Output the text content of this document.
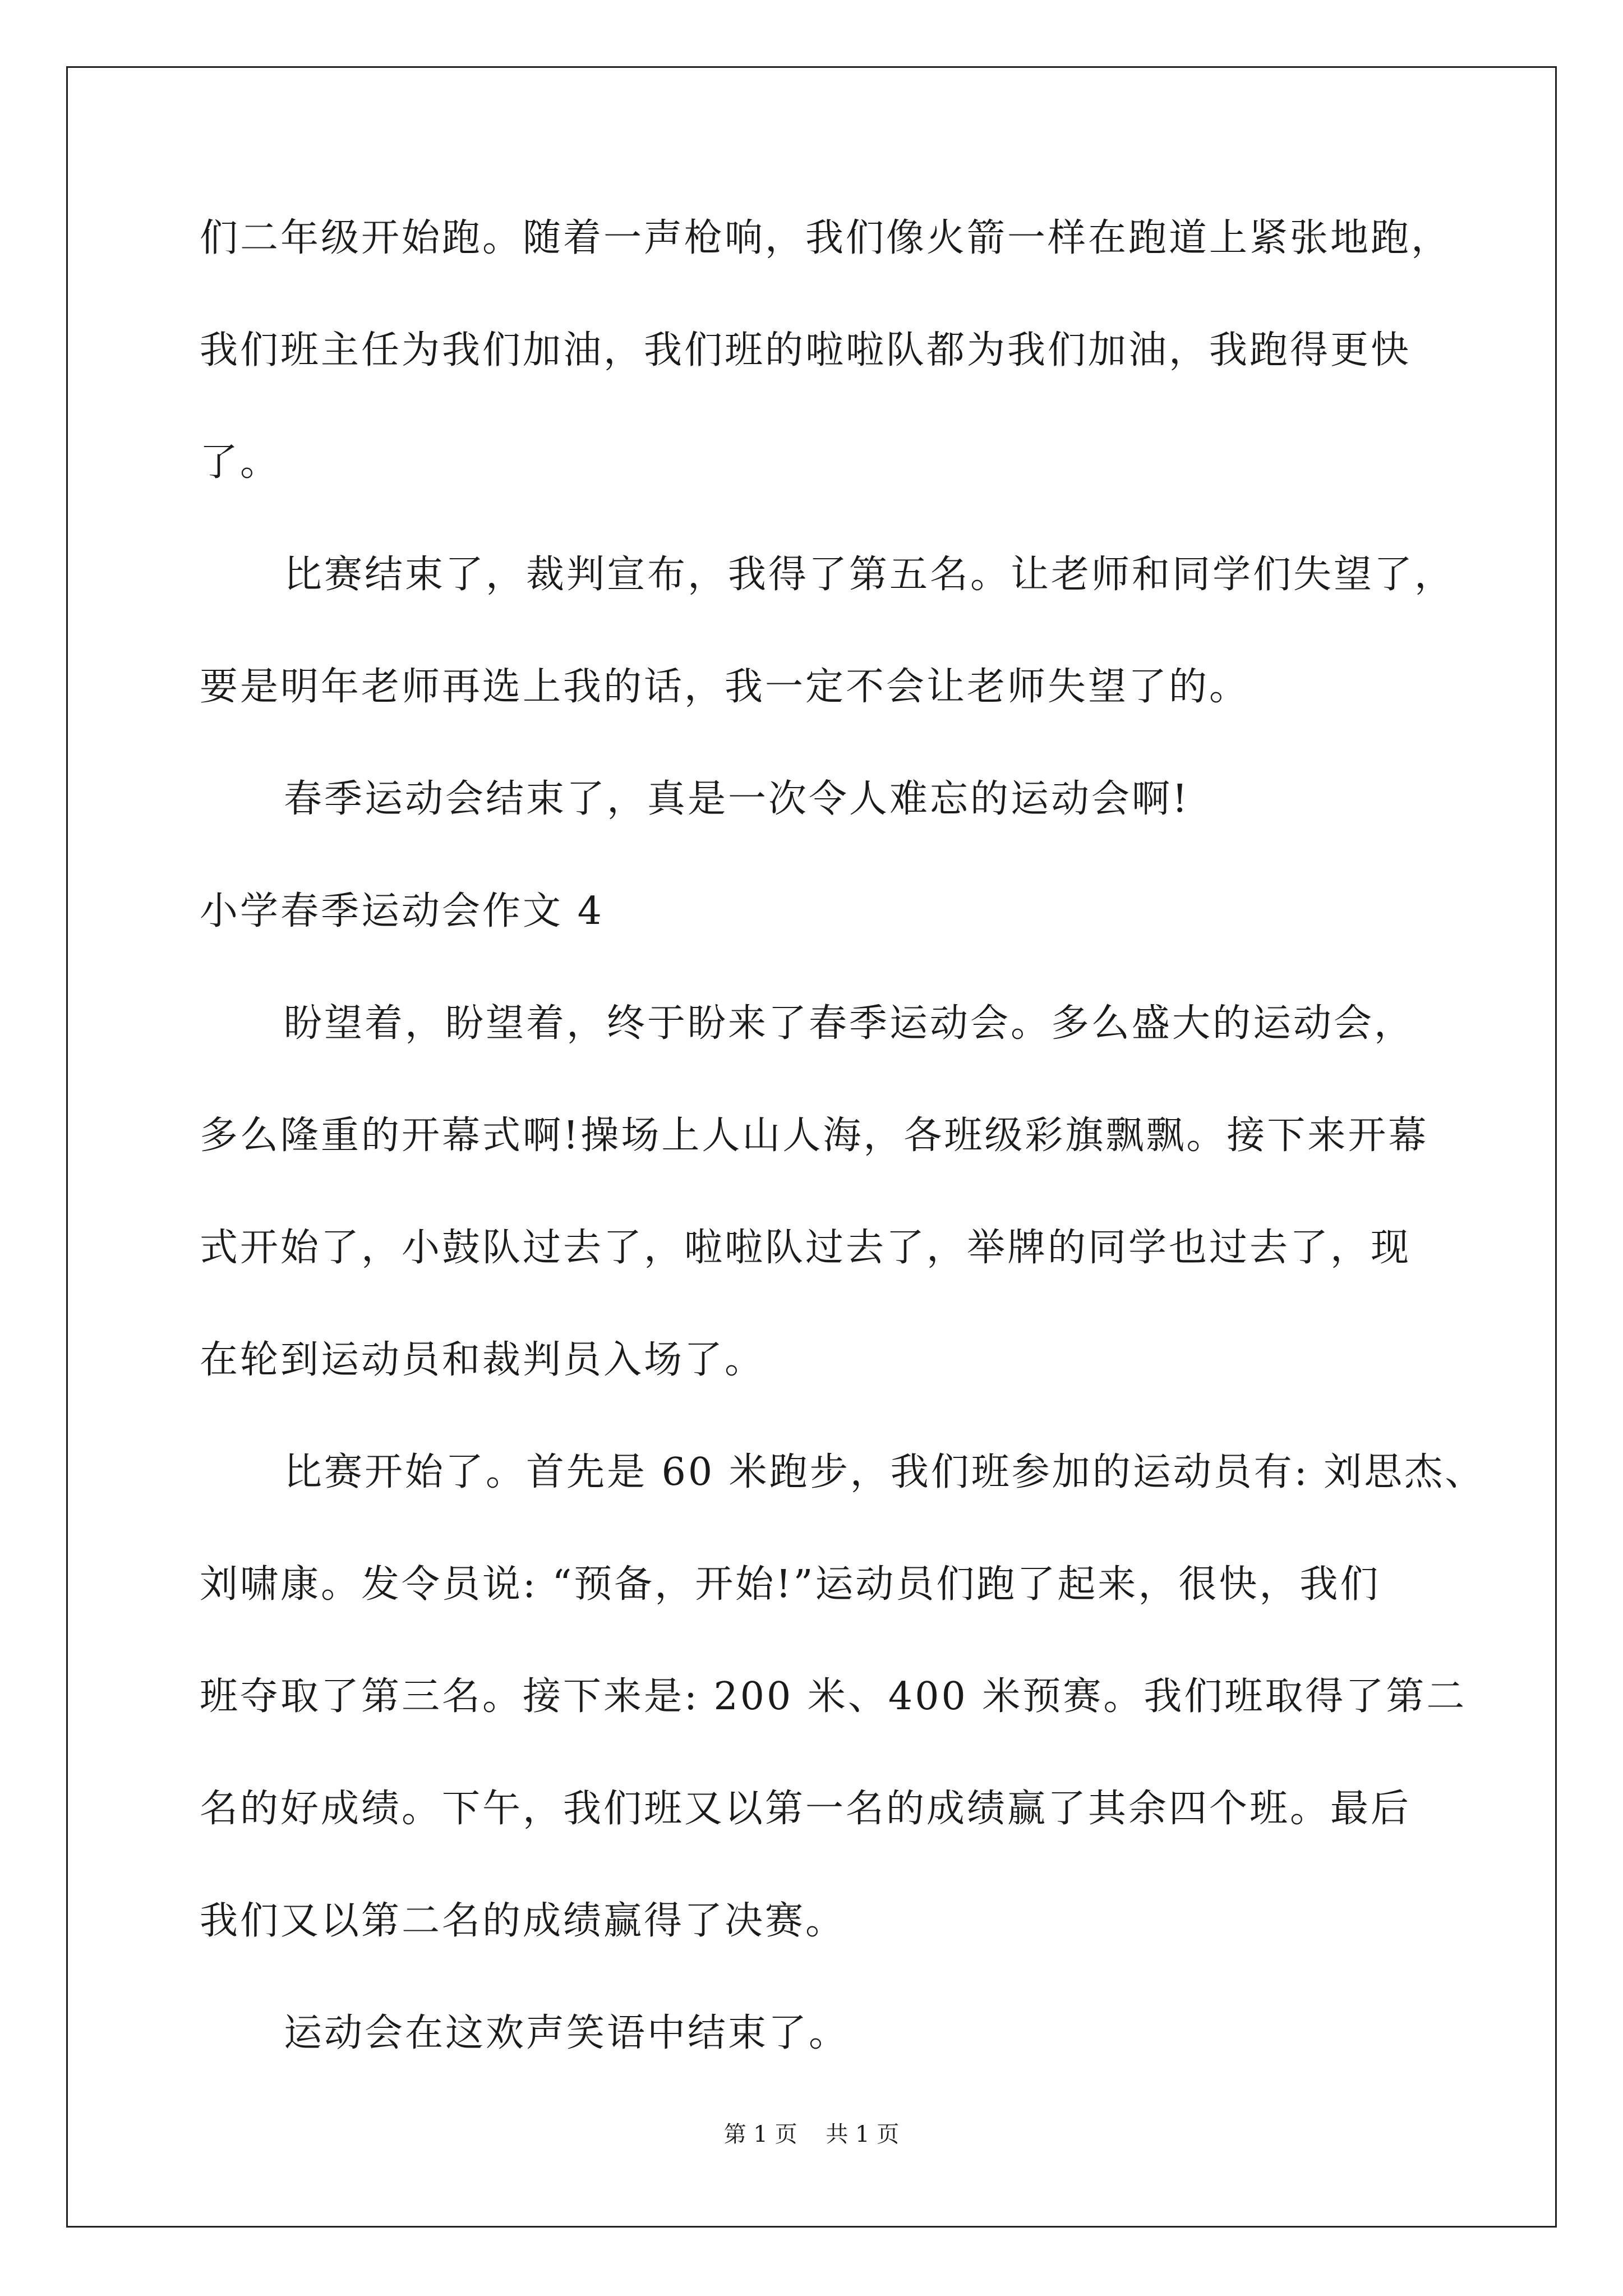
们二年级开始跑。随着一声枪响，我们像火箭一样在跑道上紧张地跑，
我们班主任为我们加油，我们班的啦啦队都为我们加油，我跑得更快
了。
比赛结束了，裁判宣布，我得了第五名。让老师和同学们失望了，
要是明年老师再选上我的话，我一定不会让老师失望了的。
春季运动会结束了，真是一次令人难忘的运动会啊!
小学春季运动会作文 4
盼望着，盼望着，终于盼来了春季运动会。多么盛大的运动会，
多么隆重的开幕式啊!操场上人山人海，各班级彩旗飘飘。接下来开幕
式开始了，小鼓队过去了，啦啦队过去了，举牌的同学也过去了，现
在轮到运动员和裁判员入场了。
比赛开始了。首先是 60 米跑步，我们班参加的运动员有: 刘思杰、
刘啸康。发令员说: “预备，开始!”运动员们跑了起来，很快，我们
班夺取了第三名。接下来是: 200 米、400 米预赛。我们班取得了第二
名的好成绩。下午，我们班又以第一名的成绩赢了其余四个班。最后
我们又以第二名的成绩赢得了决赛。
运动会在这欢声笑语中结束了。
第 1 页    共 1 页
